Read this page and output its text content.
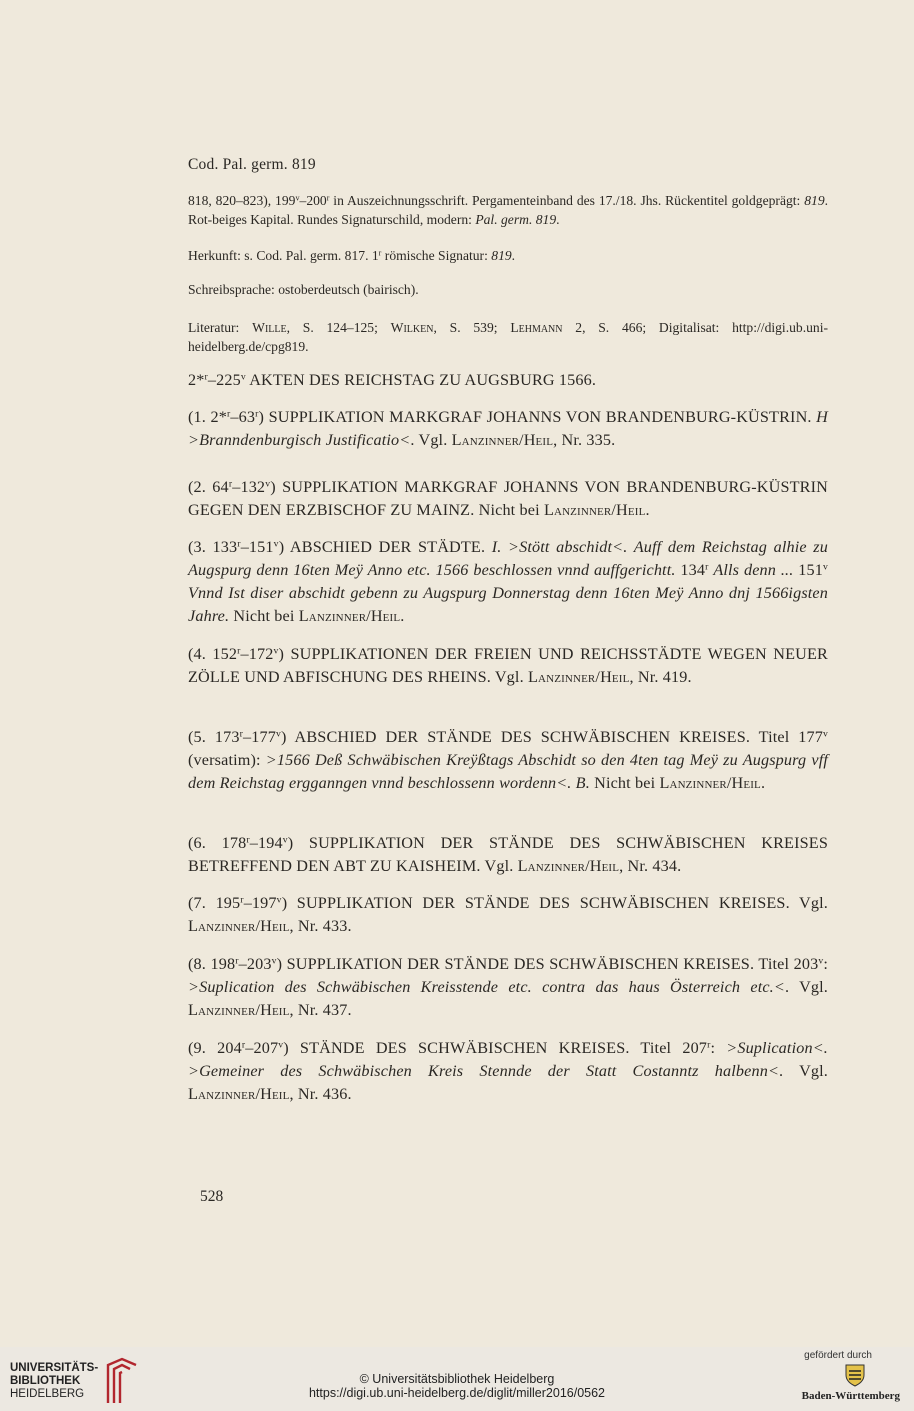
Cod. Pal. germ. 819
818, 820–823), 199$^v$–200$^r$ in Auszeichnungsschrift. Pergamenteinband des 17./18. Jhs. Rückentitel goldgeprägt: 819. Rot-beiges Kapital. Rundes Signaturschild, modern: Pal. germ. 819.
Herkunft: s. Cod. Pal. germ. 817. 1$^r$ römische Signatur: 819.
Schreibsprache: ostoberdeutsch (bairisch).
Literatur: Wille, S. 124–125; Wilken, S. 539; Lehmann 2, S. 466; Digitalisat: http://digi.ub.uni-heidelberg.de/cpg819.
2*$^r$–225$^v$ AKTEN DES REICHSTAG ZU AUGSBURG 1566.
(1. 2*$^r$–63$^r$) SUPPLIKATION MARKGRAF JOHANNS VON BRANDENBURG-KÜSTRIN. H >Branndenburgisch Justificatio<. Vgl. Lanzinner/Heil, Nr. 335.
(2. 64$^r$–132$^v$) SUPPLIKATION MARKGRAF JOHANNS VON BRANDENBURG-KÜSTRIN GEGEN DEN ERZBISCHOF ZU MAINZ. Nicht bei Lanzinner/Heil.
(3. 133$^r$–151$^v$) ABSCHIED DER STÄDTE. I. >Stött abschidt<. Auff dem Reichstag alhie zu Augspurg denn 16ten Meÿ Anno etc. 1566 beschlossen vnnd auffgerichtt. 134$^r$ Alls denn ... 151$^v$ Vnnd Ist diser abschidt gebenn zu Augspurg Donnerstag denn 16ten Meÿ Anno dnj 1566igsten Jahre. Nicht bei Lanzinner/Heil.
(4. 152$^r$–172$^v$) SUPPLIKATIONEN DER FREIEN UND REICHSSTÄDTE WEGEN NEUER ZÖLLE UND ABFISCHUNG DES RHEINS. Vgl. Lanzinner/Heil, Nr. 419.
(5. 173$^r$–177$^v$) ABSCHIED DER STÄNDE DES SCHWÄBISCHEN KREISES. Titel 177$^v$ (versatim): >1566 Deß Schwäbischen Kreÿßtags Abschidt so den 4ten tag Meÿ zu Augspurg vff dem Reichstag ergganngen vnnd beschlossenn wordenn<. B. Nicht bei Lanzinner/Heil.
(6. 178$^r$–194$^v$) SUPPLIKATION DER STÄNDE DES SCHWÄBISCHEN KREISES BETREFFEND DEN ABT ZU KAISHEIM. Vgl. Lanzinner/Heil, Nr. 434.
(7. 195$^r$–197$^v$) SUPPLIKATION DER STÄNDE DES SCHWÄBISCHEN KREISES. Vgl. Lanzinner/Heil, Nr. 433.
(8. 198$^r$–203$^v$) SUPPLIKATION DER STÄNDE DES SCHWÄBISCHEN KREISES. Titel $203^v$: >Suplication des Schwäbischen Kreisstende etc. contra das haus Österreich etc.<. Vgl. Lanzinner/Heil, Nr. 437.
(9. 204$^r$–207$^v$) STÄNDE DES SCHWÄBISCHEN KREISES. Titel $207^r$: >Suplication<. >Gemeiner des Schwäbischen Kreis Stennde der Statt Costanntz halbenn<. Vgl. Lanzinner/Heil, Nr. 436.
528
UNIVERSITÄTS-
BIBLIOTHEK
HEIDELBERG
© Universitätsbibliothek Heidelberg
https://digi.ub.uni-heidelberg.de/diglit/miller2016/0562
gefördert durch
Baden-Württemberg
